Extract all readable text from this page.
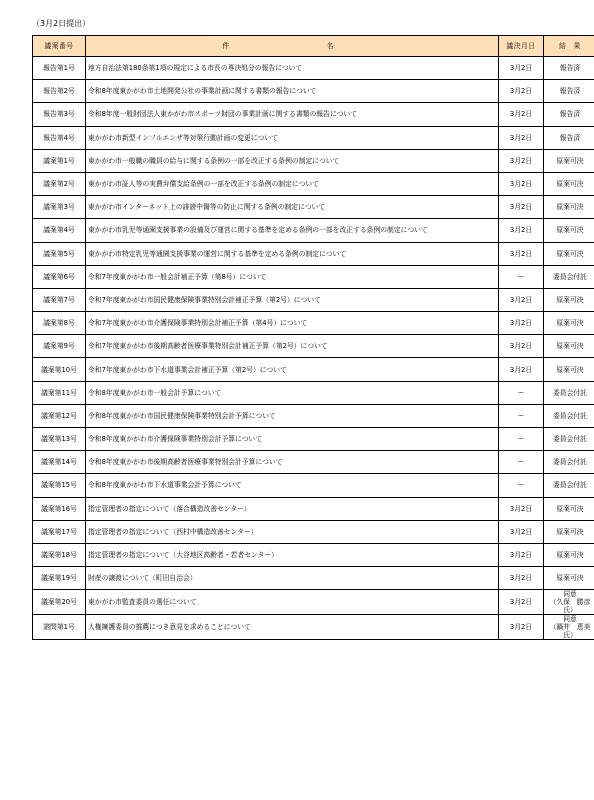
（3月2日提出）
議案番号	件　　名	議決月日	結　果
報告第1号	地方自治法第180条第1項の規定による市長の専決処分の報告について	3月2日	報告済

報告第2号	令和8年度東かがわ市土地開発公社の事業計画に関する書類の報告について	3月2日	報告済

報告第3号	令和8年度一般財団法人東かがわ市スポーツ財団の事業計画に関する書類の報告について	3月2日	報告済

報告第4号	東かがわ市新型インフルエンザ等対策行動計画の変更について	3月2日	報告済

議案第1号	東かがわ市一般職の職員の給与に関する条例の一部を改正する条例の制定について	3月2日	原案可決

議案第2号	東かがわ市証人等の実費弁償支給条例の一部を改正する条例の制定について	3月2日	原案可決

議案第3号	東かがわ市インターネット上の誹謗中傷等の防止に関する条例の制定について	3月2日	原案可決

議案第4号	東かがわ市乳児等通園支援事業の設備及び運営に関する基準を定める条例の一部を改正する条例の制定について	3月2日	原案可決

議案第5号	東かがわ市特定乳児等通園支援事業の運営に関する基準を定める条例の制定について	3月2日	原案可決

議案第6号	令和7年度東かがわ市一般会計補正予算（第8号）について	ー	委員会付託

議案第7号	令和7年度東かがわ市国民健康保険事業特別会計補正予算（第2号）について	3月2日	原案可決

議案第8号	令和7年度東かがわ市介護保険事業特別会計補正予算（第4号）について	3月2日	原案可決

議案第9号	令和7年度東かがわ市後期高齢者医療事業特別会計補正予算（第2号）について	3月2日	原案可決

議案第10号	令和7年度東かがわ市下水道事業会計補正予算（第2号）について	3月2日	原案可決

議案第11号	令和8年度東かがわ市一般会計予算について	ー	委員会付託

議案第12号	令和8年度東かがわ市国民健康保険事業特別会計予算について	ー	委員会付託

議案第13号	令和8年度東かがわ市介護保険事業特別会計予算について	ー	委員会付託

議案第14号	令和8年度東かがわ市後期高齢者医療事業特別会計予算について	ー	委員会付託

議案第15号	令和8年度東かがわ市下水道事業会計予算について	ー	委員会付託

議案第16号	指定管理者の指定について（落合構造改善センター）	3月2日	原案可決

議案第17号	指定管理者の指定について（西村中構造改善センター）	3月2日	原案可決

議案第18号	指定管理者の指定について（大谷地区高齢者・若者センター）	3月2日	原案可決

議案第19号	財産の譲渡について（町田自治会）	3月2日	原案可決

議案第20号	東かがわ市監査委員の選任について	3月2日	同意
（久保　勝彦氏）

諮問第1号	人権擁護委員の推薦につき意見を求めることについて	3月2日	同意
（鍋井　恵美氏）
